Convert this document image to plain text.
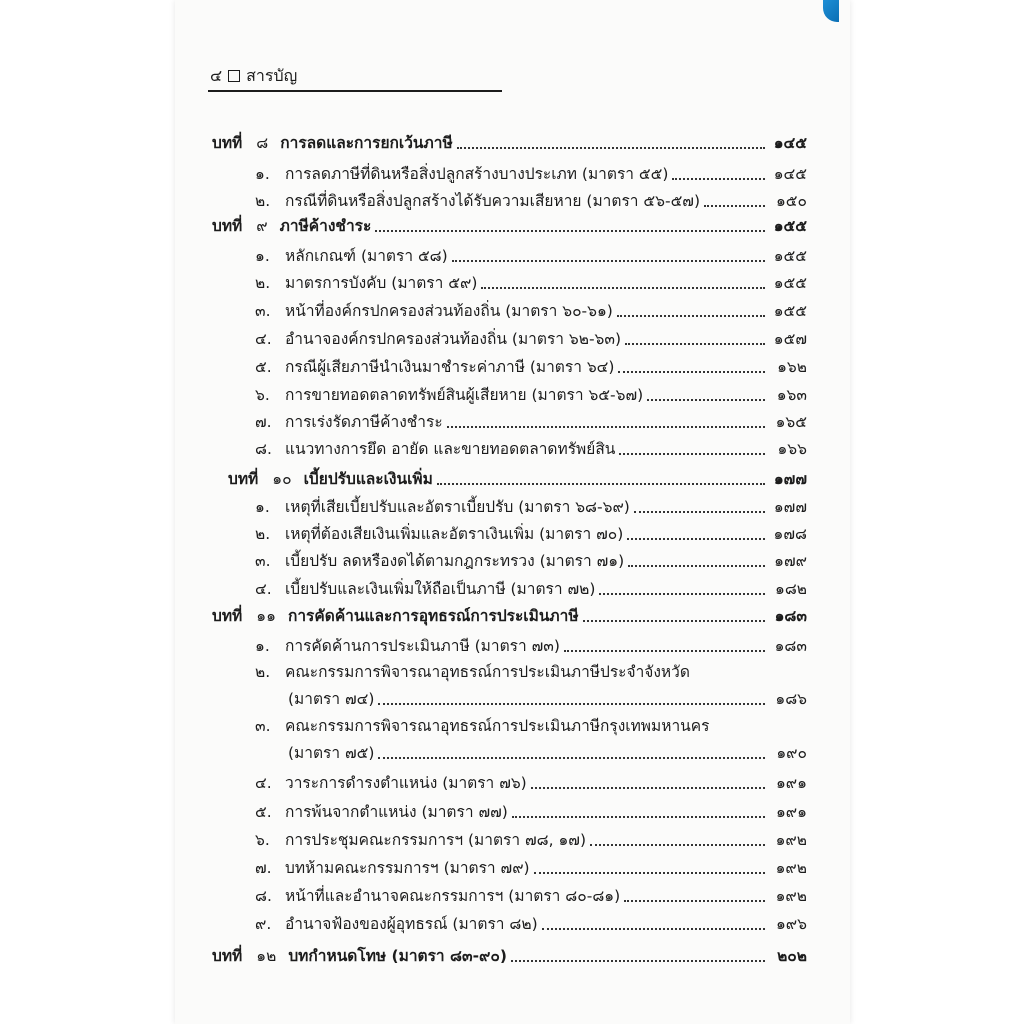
๔ สารบัญ
บทที่ ๘ การลดและการยกเว้นภาษี	๑๔๕
๑. การลดภาษีที่ดินหรือสิ่งปลูกสร้างบางประเภท (มาตรา ๕๕)	๑๔๕
๒. กรณีที่ดินหรือสิ่งปลูกสร้างได้รับความเสียหาย (มาตรา ๕๖-๕๗)	๑๕๐
บทที่ ๙ ภาษีค้างชำระ	๑๕๕
๑. หลักเกณฑ์ (มาตรา ๕๘)	๑๕๕
๒. มาตรการบังคับ (มาตรา ๕๙)	๑๕๕
๓. หน้าที่องค์กรปกครองส่วนท้องถิ่น (มาตรา ๖๐-๖๑)	๑๕๕
๔. อำนาจองค์กรปกครองส่วนท้องถิ่น (มาตรา ๖๒-๖๓)	๑๕๗
๕. กรณีผู้เสียภาษีนำเงินมาชำระค่าภาษี (มาตรา ๖๔)	๑๖๒
๖. การขายทอดตลาดทรัพย์สินผู้เสียหาย (มาตรา ๖๕-๖๗)	๑๖๓
๗. การเร่งรัดภาษีค้างชำระ	๑๖๕
๘. แนวทางการยึด อายัด และขายทอดตลาดทรัพย์สิน	๑๖๖
บทที่ ๑๐ เบี้ยปรับและเงินเพิ่ม	๑๗๗
๑. เหตุที่เสียเบี้ยปรับและอัตราเบี้ยปรับ (มาตรา ๖๘-๖๙)	๑๗๗
๒. เหตุที่ต้องเสียเงินเพิ่มและอัตราเงินเพิ่ม (มาตรา ๗๐)	๑๗๘
๓. เบี้ยปรับ ลดหรืองดได้ตามกฎกระทรวง (มาตรา ๗๑)	๑๗๙
๔. เบี้ยปรับและเงินเพิ่มให้ถือเป็นภาษี (มาตรา ๗๒)	๑๘๒
บทที่ ๑๑ การคัดค้านและการอุทธรณ์การประเมินภาษี	๑๘๓
๑. การคัดค้านการประเมินภาษี (มาตรา ๗๓)	๑๘๓
๒. คณะกรรมการพิจารณาอุทธรณ์การประเมินภาษีประจำจังหวัด
(มาตรา ๗๔)	๑๘๖
๓. คณะกรรมการพิจารณาอุทธรณ์การประเมินภาษีกรุงเทพมหานคร
(มาตรา ๗๕)	๑๙๐
๔. วาระการดำรงตำแหน่ง (มาตรา ๗๖)	๑๙๑
๕. การพ้นจากตำแหน่ง (มาตรา ๗๗)	๑๙๑
๖. การประชุมคณะกรรมการฯ (มาตรา ๗๘, ๑๗)	๑๙๒
๗. บทห้ามคณะกรรมการฯ (มาตรา ๗๙)	๑๙๒
๘. หน้าที่และอำนาจคณะกรรมการฯ (มาตรา ๘๐-๘๑)	๑๙๒
๙. อำนาจฟ้องของผู้อุทธรณ์ (มาตรา ๘๒)	๑๙๖
บทที่ ๑๒ บทกำหนดโทษ (มาตรา ๘๓-๙๐)	๒๐๒
